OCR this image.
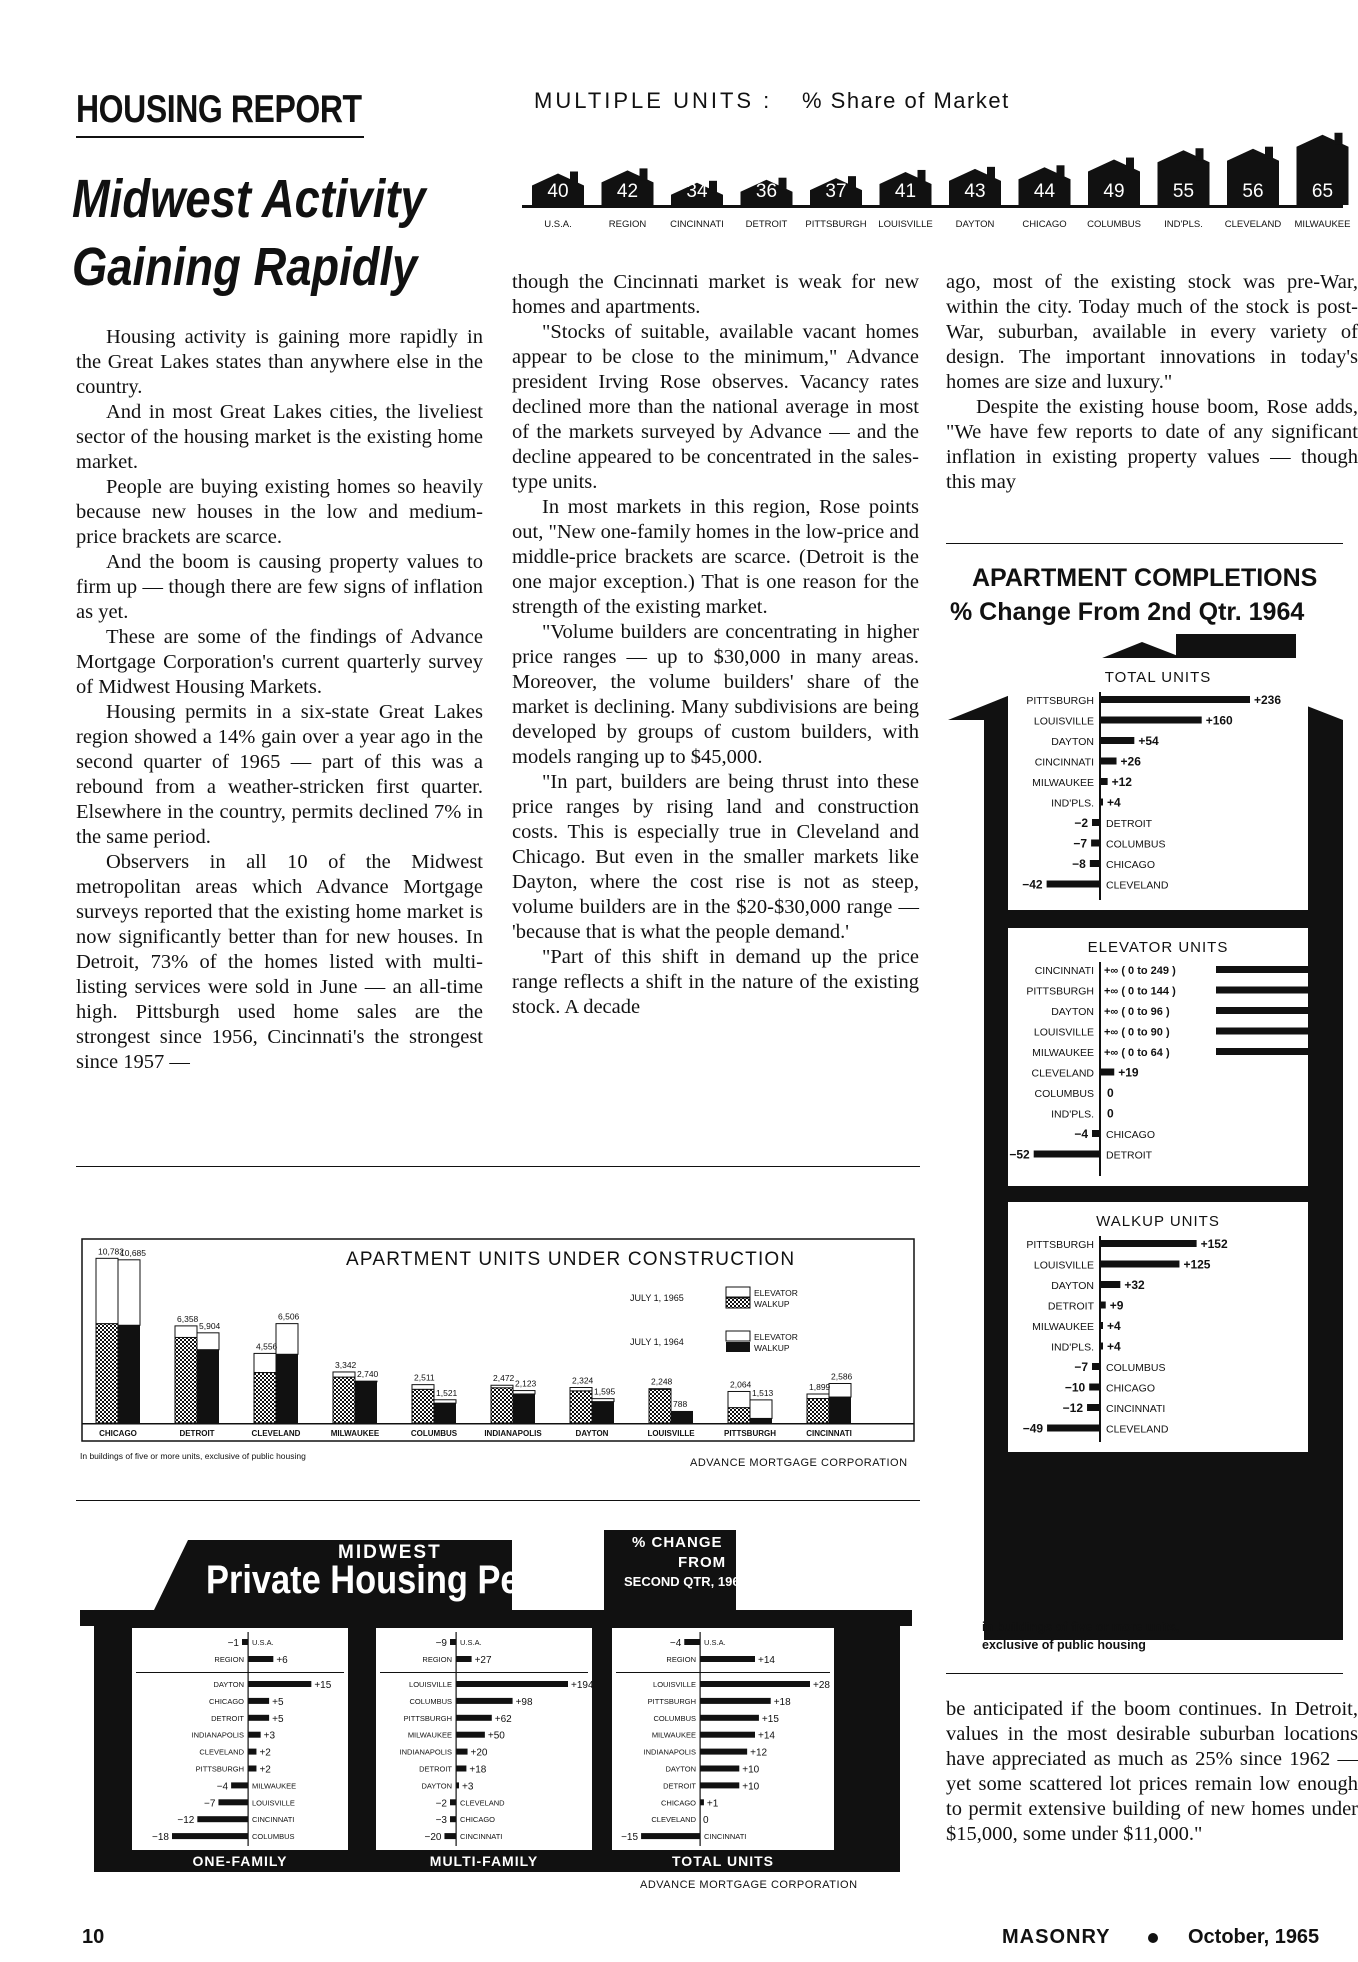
HOUSING REPORT
Midwest Activity
Gaining Rapidly

Housing activity is gaining more rapidly in the Great Lakes states than anywhere else in the country.

And in most Great Lakes cities, the liveliest sector of the housing market is the existing home market.

People are buying existing homes so heavily because new houses in the low and medium-price brackets are scarce.

And the boom is causing property values to firm up — though there are few signs of inflation as yet.

These are some of the findings of Advance Mortgage Corporation's current quarterly survey of Midwest Housing Markets.

Housing permits in a six-state Great Lakes region showed a 14% gain over a year ago in the second quarter of 1965 — part of this was a rebound from a weather-stricken first quarter. Elsewhere in the country, permits declined 7% in the same period.

Observers in all 10 of the Midwest metropolitan areas which Advance Mortgage surveys reported that the existing home market is now significantly better than for new houses. In Detroit, 73% of the homes listed with multi-listing services were sold in June — an all-time high. Pittsburgh used home sales are the strongest since 1956, Cincinnati's the strongest since 1957 —

though the Cincinnati market is weak for new homes and apartments.

"Stocks of suitable, available vacant homes appear to be close to the minimum," Advance president Irving Rose observes. Vacancy rates declined more than the national average in most of the markets surveyed by Advance — and the decline appeared to be concentrated in the sales-type units.

In most markets in this region, Rose points out, "New one-family homes in the low-price and middle-price brackets are scarce. (Detroit is the one major exception.) That is one reason for the strength of the existing market.

"Volume builders are concentrating in higher price ranges — up to $30,000 in many areas. Moreover, the volume builders' share of the market is declining. Many subdivisions are being developed by groups of custom builders, with models ranging up to $45,000.

"In part, builders are being thrust into these price ranges by rising land and construction costs. This is especially true in Cleveland and Chicago. But even in the smaller markets like Dayton, where the cost rise is not as steep, volume builders are in the $20-$30,000 range — 'because that is what the people demand.'

"Part of this shift in demand up the price range reflects a shift in the nature of the existing stock. A decade

ago, most of the existing stock was pre-War, within the city. Today much of the stock is post-War, suburban, available in every variety of design. The important innovations in today's homes are size and luxury."

Despite the existing house boom, Rose adds, "We have few reports to date of any significant inflation in existing property values — though this may

be anticipated if the boom continues. In Detroit, values in the most desirable suburban locations have appreciated as much as 25% since 1962 — yet some scattered lot prices remain low enough to permit extensive building of new homes under $15,000, some under $11,000."

MULTIPLE UNITS : % Share of Market
40
U.S.A.
42
REGION
34
CINCINNATI
36
DETROIT
37
PITTSBURGH
41
LOUISVILLE
43
DAYTON
44
CHICAGO
49
COLUMBUS
55
IND'PLS.
56
CLEVELAND
65
MILWAUKEE
APARTMENT COMPLETIONS
% Change From 2nd Qtr. 1964
TOTAL UNITS
PITTSBURGH	+236
LOUISVILLE	+160
DAYTON	+54
CINCINNATI +26
MILWAUKEE +12
IND'PLS. +4
−2 DETROIT
−7 COLUMBUS
−8 CHICAGO
−42	CLEVELAND
ELEVATOR UNITS
CINCINNATI +∞ ( 0 to 249 )
PITTSBURGH +∞ ( 0 to 144 )
DAYTON +∞ ( 0 to 96 )
LOUISVILLE +∞ ( 0 to 90 )
MILWAUKEE +∞ ( 0 to 64 )
CLEVELAND +19
COLUMBUS 0
IND'PLS. 0
−4 CHICAGO
−52	DETROIT
WALKUP UNITS
PITTSBURGH	+152
LOUISVILLE	+125
DAYTON	+32
DETROIT +9
MILWAUKEE +4
IND'PLS. +4
−7 COLUMBUS
−10 CHICAGO
−12 CINCINNATI
−49	CLEVELAND
in buildings of five or more units,
exclusive of public housing
10,782
10,685
CHICAGO
6,358
5,904
DETROIT
4,556
6,506
CLEVELAND
3,342
2,740
MILWAUKEE
2,511
1,521
COLUMBUS
2,472
2,123
INDIANAPOLIS
2,324
1,595
DAYTON
2,248
788
LOUISVILLE
2,064
1,513
PITTSBURGH
1,899
2,586
CINCINNATI
JULY 1, 1965	ELEVATOR
WALKUP
JULY 1, 1964	ELEVATOR
WALKUP
APARTMENT UNITS UNDER CONSTRUCTION
In buildings of five or more units, exclusive of public housing
ADVANCE MORTGAGE CORPORATION
ONE-FAMILY
−1 U.S.A.
REGION	+6
DAYTON	+15
CHICAGO	+5
DETROIT	+5
INDIANAPOLIS +3
CLEVELAND +2
PITTSBURGH +2
−4	MILWAUKEE
−7	LOUISVILLE
−12	CINCINNATI
−18	COLUMBUS
MULTI-FAMILY
−9 U.S.A.
REGION +27
LOUISVILLE	+194
COLUMBUS	+98
PITTSBURGH	+62
MILWAUKEE	+50
INDIANAPOLIS +20
DETROIT +18
DAYTON +3
−2 CLEVELAND
−3 CHICAGO
−20 CINCINNATI
TOTAL UNITS
−4	U.S.A.
REGION	+14
LOUISVILLE	+28
PITTSBURGH	+18
COLUMBUS	+15
MILWAUKEE	+14
INDIANAPOLIS	+12
DAYTON	+10
DETROIT	+10
CHICAGO +1
CLEVELAND 0
−15	CINCINNATI
MIDWEST
Private Housing Permits
% CHANGE
FROM
SECOND QTR, 1964
ADVANCE MORTGAGE CORPORATION
10	MASONRY	October, 1965
